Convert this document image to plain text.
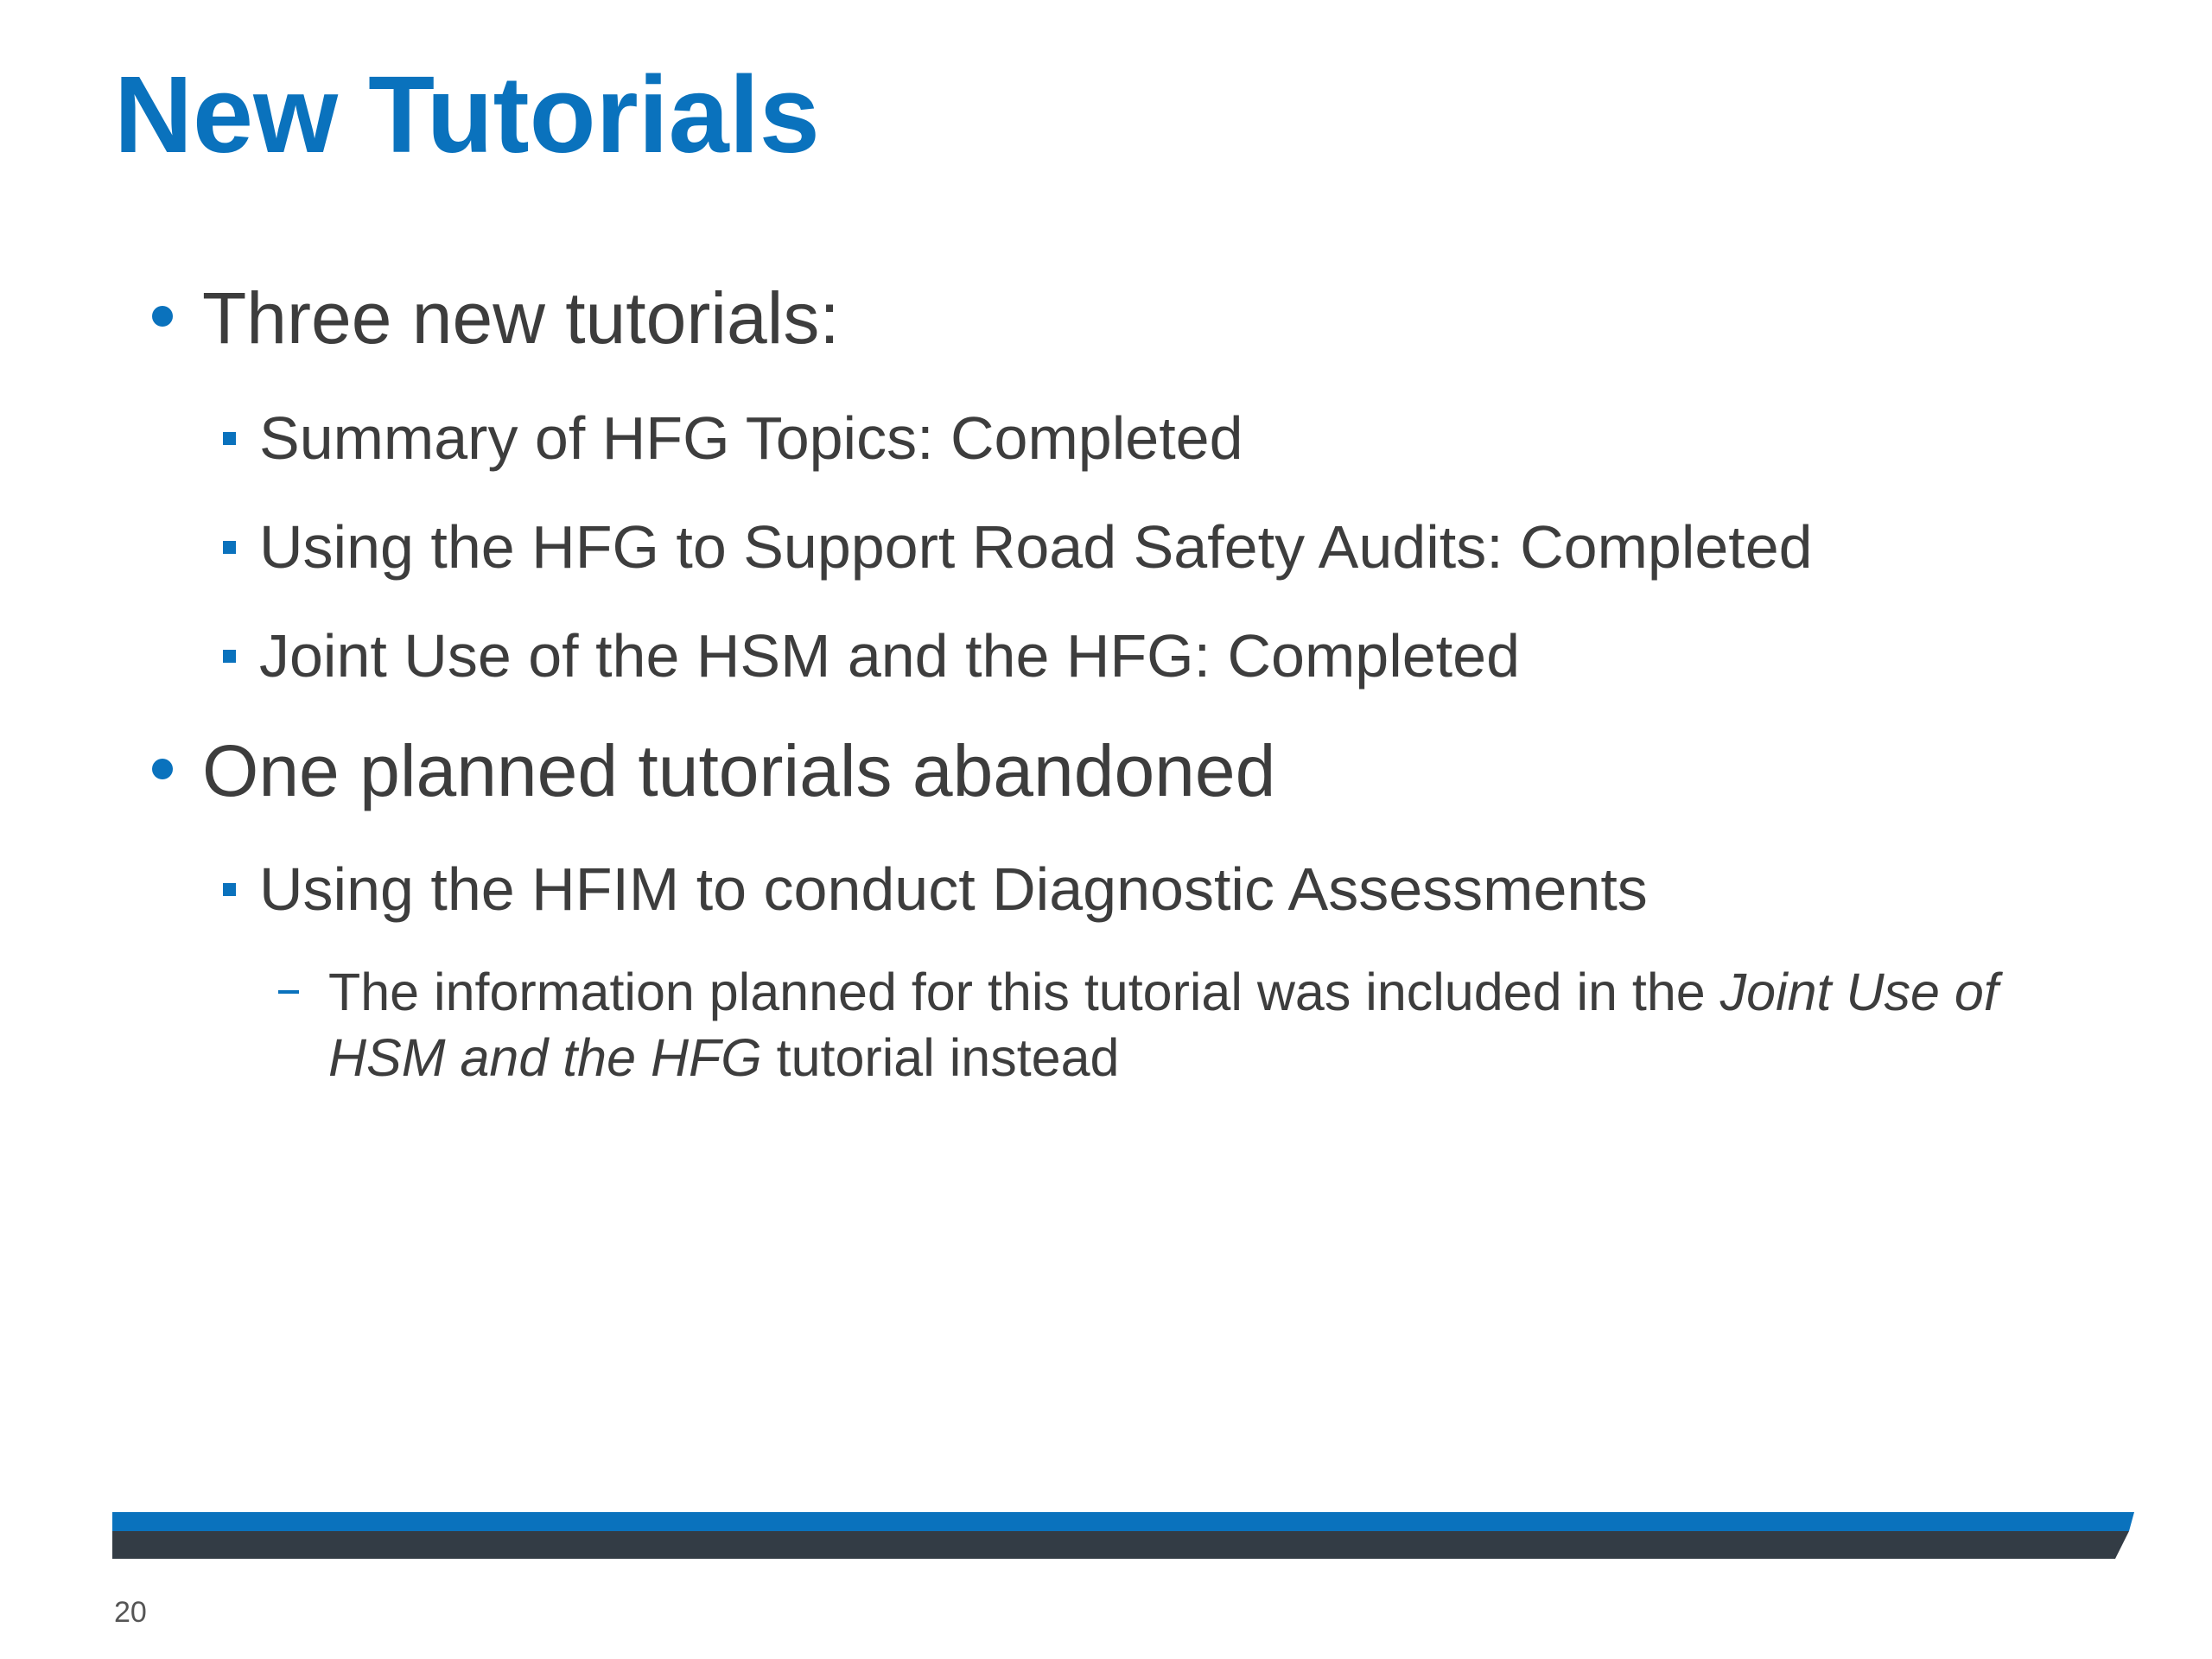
New Tutorials
Three new tutorials:
Summary of HFG Topics: Completed
Using the HFG to Support Road Safety Audits: Completed
Joint Use of the HSM and the HFG: Completed
One planned tutorials abandoned
Using the HFIM to conduct Diagnostic Assessments
The information planned for this tutorial was included in the Joint Use of
HSM and the HFG tutorial instead
20
